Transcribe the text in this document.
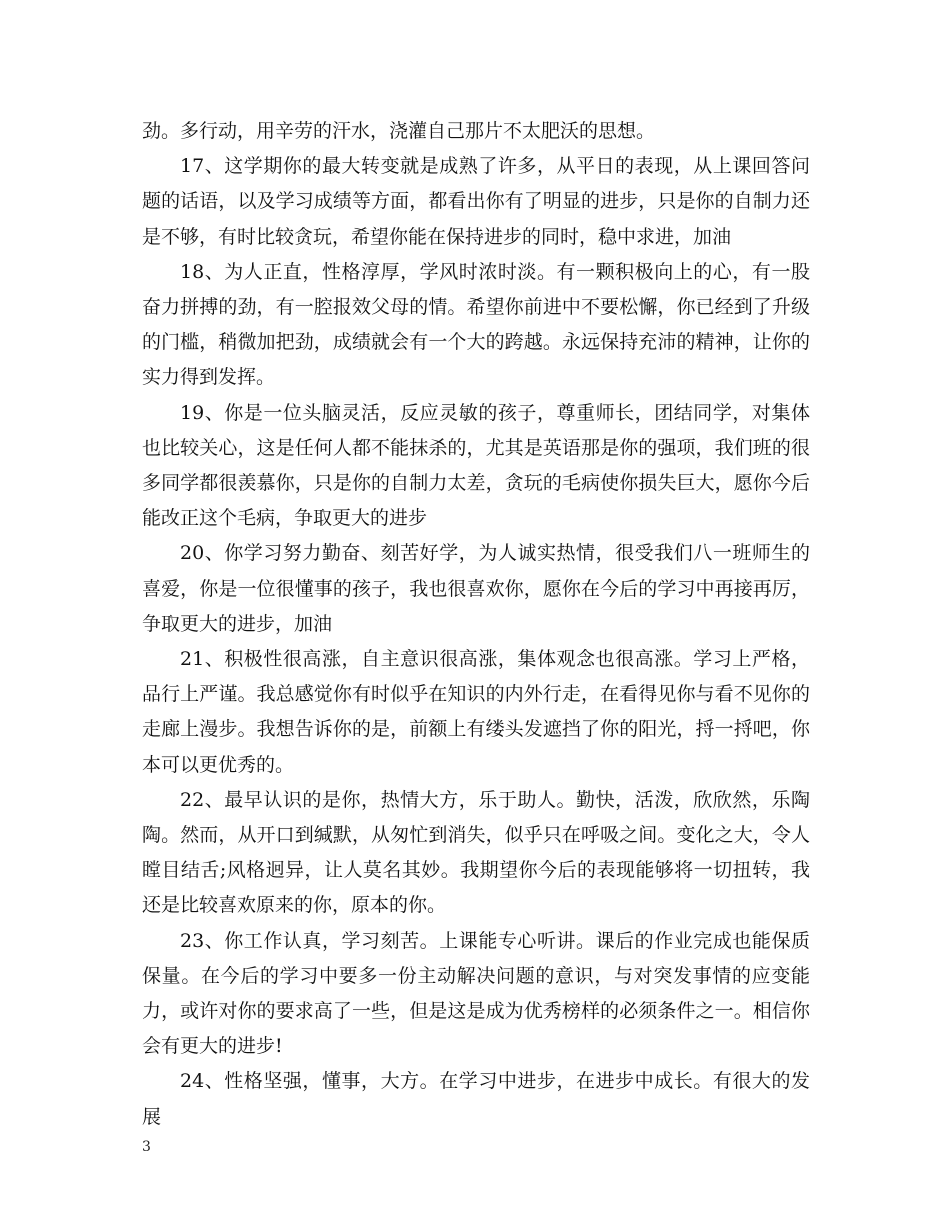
劲。多行动，用辛劳的汗水，浇灌自己那片不太肥沃的思想。

17、这学期你的最大转变就是成熟了许多，从平日的表现，从上课回答问题的话语，以及学习成绩等方面，都看出你有了明显的进步，只是你的自制力还是不够，有时比较贪玩，希望你能在保持进步的同时，稳中求进，加油

18、为人正直，性格淳厚，学风时浓时淡。有一颗积极向上的心，有一股奋力拼搏的劲，有一腔报效父母的情。希望你前进中不要松懈，你已经到了升级的门槛，稍微加把劲，成绩就会有一个大的跨越。永远保持充沛的精神，让你的实力得到发挥。

19、你是一位头脑灵活，反应灵敏的孩子，尊重师长，团结同学，对集体也比较关心，这是任何人都不能抹杀的，尤其是英语那是你的强项，我们班的很多同学都很羡慕你，只是你的自制力太差，贪玩的毛病使你损失巨大，愿你今后能改正这个毛病，争取更大的进步

20、你学习努力勤奋、刻苦好学，为人诚实热情，很受我们八一班师生的喜爱，你是一位很懂事的孩子，我也很喜欢你，愿你在今后的学习中再接再厉，争取更大的进步，加油

21、积极性很高涨，自主意识很高涨，集体观念也很高涨。学习上严格，品行上严谨。我总感觉你有时似乎在知识的内外行走，在看得见你与看不见你的走廊上漫步。我想告诉你的是，前额上有缕头发遮挡了你的阳光，捋一捋吧，你本可以更优秀的。

22、最早认识的是你，热情大方，乐于助人。勤快，活泼，欣欣然，乐陶陶。然而，从开口到缄默，从匆忙到消失，似乎只在呼吸之间。变化之大，令人瞠目结舌;风格迥异，让人莫名其妙。我期望你今后的表现能够将一切扭转，我还是比较喜欢原来的你，原本的你。

23、你工作认真，学习刻苦。上课能专心听讲。课后的作业完成也能保质保量。在今后的学习中要多一份主动解决问题的意识，与对突发事情的应变能力，或许对你的要求高了一些，但是这是成为优秀榜样的必须条件之一。相信你会有更大的进步!

24、性格坚强，懂事，大方。在学习中进步，在进步中成长。有很大的发展

3
